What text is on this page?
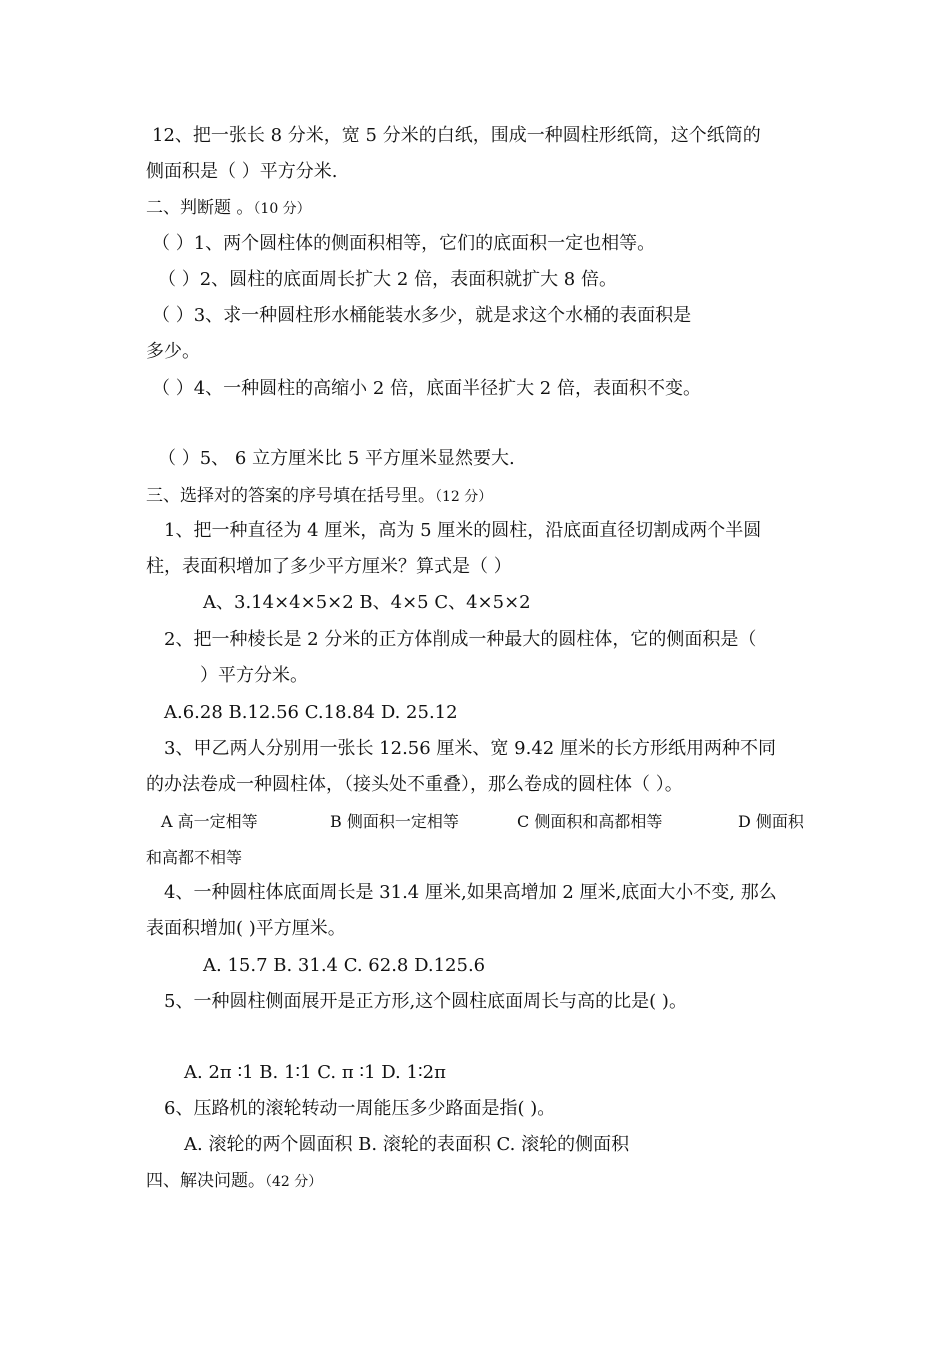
12、把一张长 8 分米，宽 5 分米的白纸，围成一种圆柱形纸筒，这个纸筒的
侧面积是（ ）平方分米.
二、判断题 。（10 分）
（ ）1、两个圆柱体的侧面积相等，它们的底面积一定也相等。
（ ）2、圆柱的底面周长扩大 2 倍，表面积就扩大 8 倍。
（ ）3、求一种圆柱形水桶能装水多少，就是求这个水桶的表面积是
多少。
（ ）4、一种圆柱的高缩小 2 倍，底面半径扩大 2 倍，表面积不变。
（ ）5、 6 立方厘米比 5 平方厘米显然要大.
三、选择对的答案的序号填在括号里。（12 分）
1、把一种直径为 4 厘米，高为 5 厘米的圆柱，沿底面直径切割成两个半圆
柱，表面积增加了多少平方厘米？算式是（ ）
A、3.14×4×5×2 B、4×5 C、4×5×2
2、把一种棱长是 2 分米的正方体削成一种最大的圆柱体，它的侧面积是（
）平方分米。
A.6.28 B.12.56 C.18.84 D. 25.12
3、甲乙两人分别用一张长 12.56 厘米、宽 9.42 厘米的长方形纸用两种不同
的办法卷成一种圆柱体，（接头处不重叠），那么卷成的圆柱体（ ）。
A 高一定相等	B 侧面积一定相等	C 侧面积和高都相等	D 侧面积
和高都不相等
4、一种圆柱体底面周长是 31.4 厘米,如果高增加 2 厘米,底面大小不变, 那么
表面积增加( )平方厘米。
A. 15.7 B. 31.4 C. 62.8 D.125.6
5、一种圆柱侧面展开是正方形,这个圆柱底面周长与高的比是( )。
A. 2π ∶1 B. 1∶1 C. π ∶1 D. 1∶2π
6、压路机的滚轮转动一周能压多少路面是指( )。
A. 滚轮的两个圆面积 B. 滚轮的表面积 C. 滚轮的侧面积
四、解决问题。（42 分）
